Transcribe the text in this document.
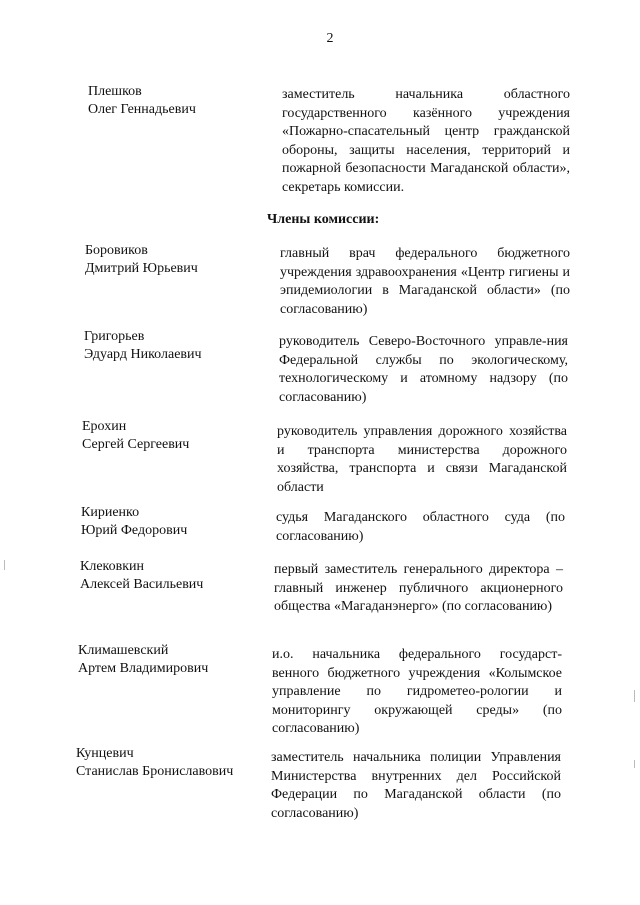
2
Плешков
Олег Геннадьевич
заместитель начальника областного государственного казённого учреждения «Пожарно-спасательный центр гражданской обороны, защиты населения, территорий и пожарной безопасности Магаданской области», секретарь комиссии.
Члены комиссии:
Боровиков
Дмитрий Юрьевич
главный врач федерального бюджетного учреждения здравоохранения «Центр гигиены и эпидемиологии в Магаданской области» (по согласованию)
Григорьев
Эдуард Николаевич
руководитель Северо-Восточного управле-ния Федеральной службы по экологическому, технологическому и атомному надзору (по согласованию)
Ерохин
Сергей Сергеевич
руководитель управления дорожного хозяйства и транспорта министерства дорожного хозяйства, транспорта и связи Магаданской области
Кириенко
Юрий Федорович
судья Магаданского областного суда (по согласованию)
Клековкин
Алексей Васильевич
первый заместитель генерального директора – главный инженер публичного акционерного общества «Магаданэнерго» (по согласованию)
Климашевский
Артем Владимирович
и.о. начальника федерального государст-венного бюджетного учреждения «Колымское управление по гидрометео-рологии и мониторингу окружающей среды» (по согласованию)
Кунцевич
Станислав Брониславович
заместитель начальника полиции Управления Министерства внутренних дел Российской Федерации по Магаданской области (по согласованию)
